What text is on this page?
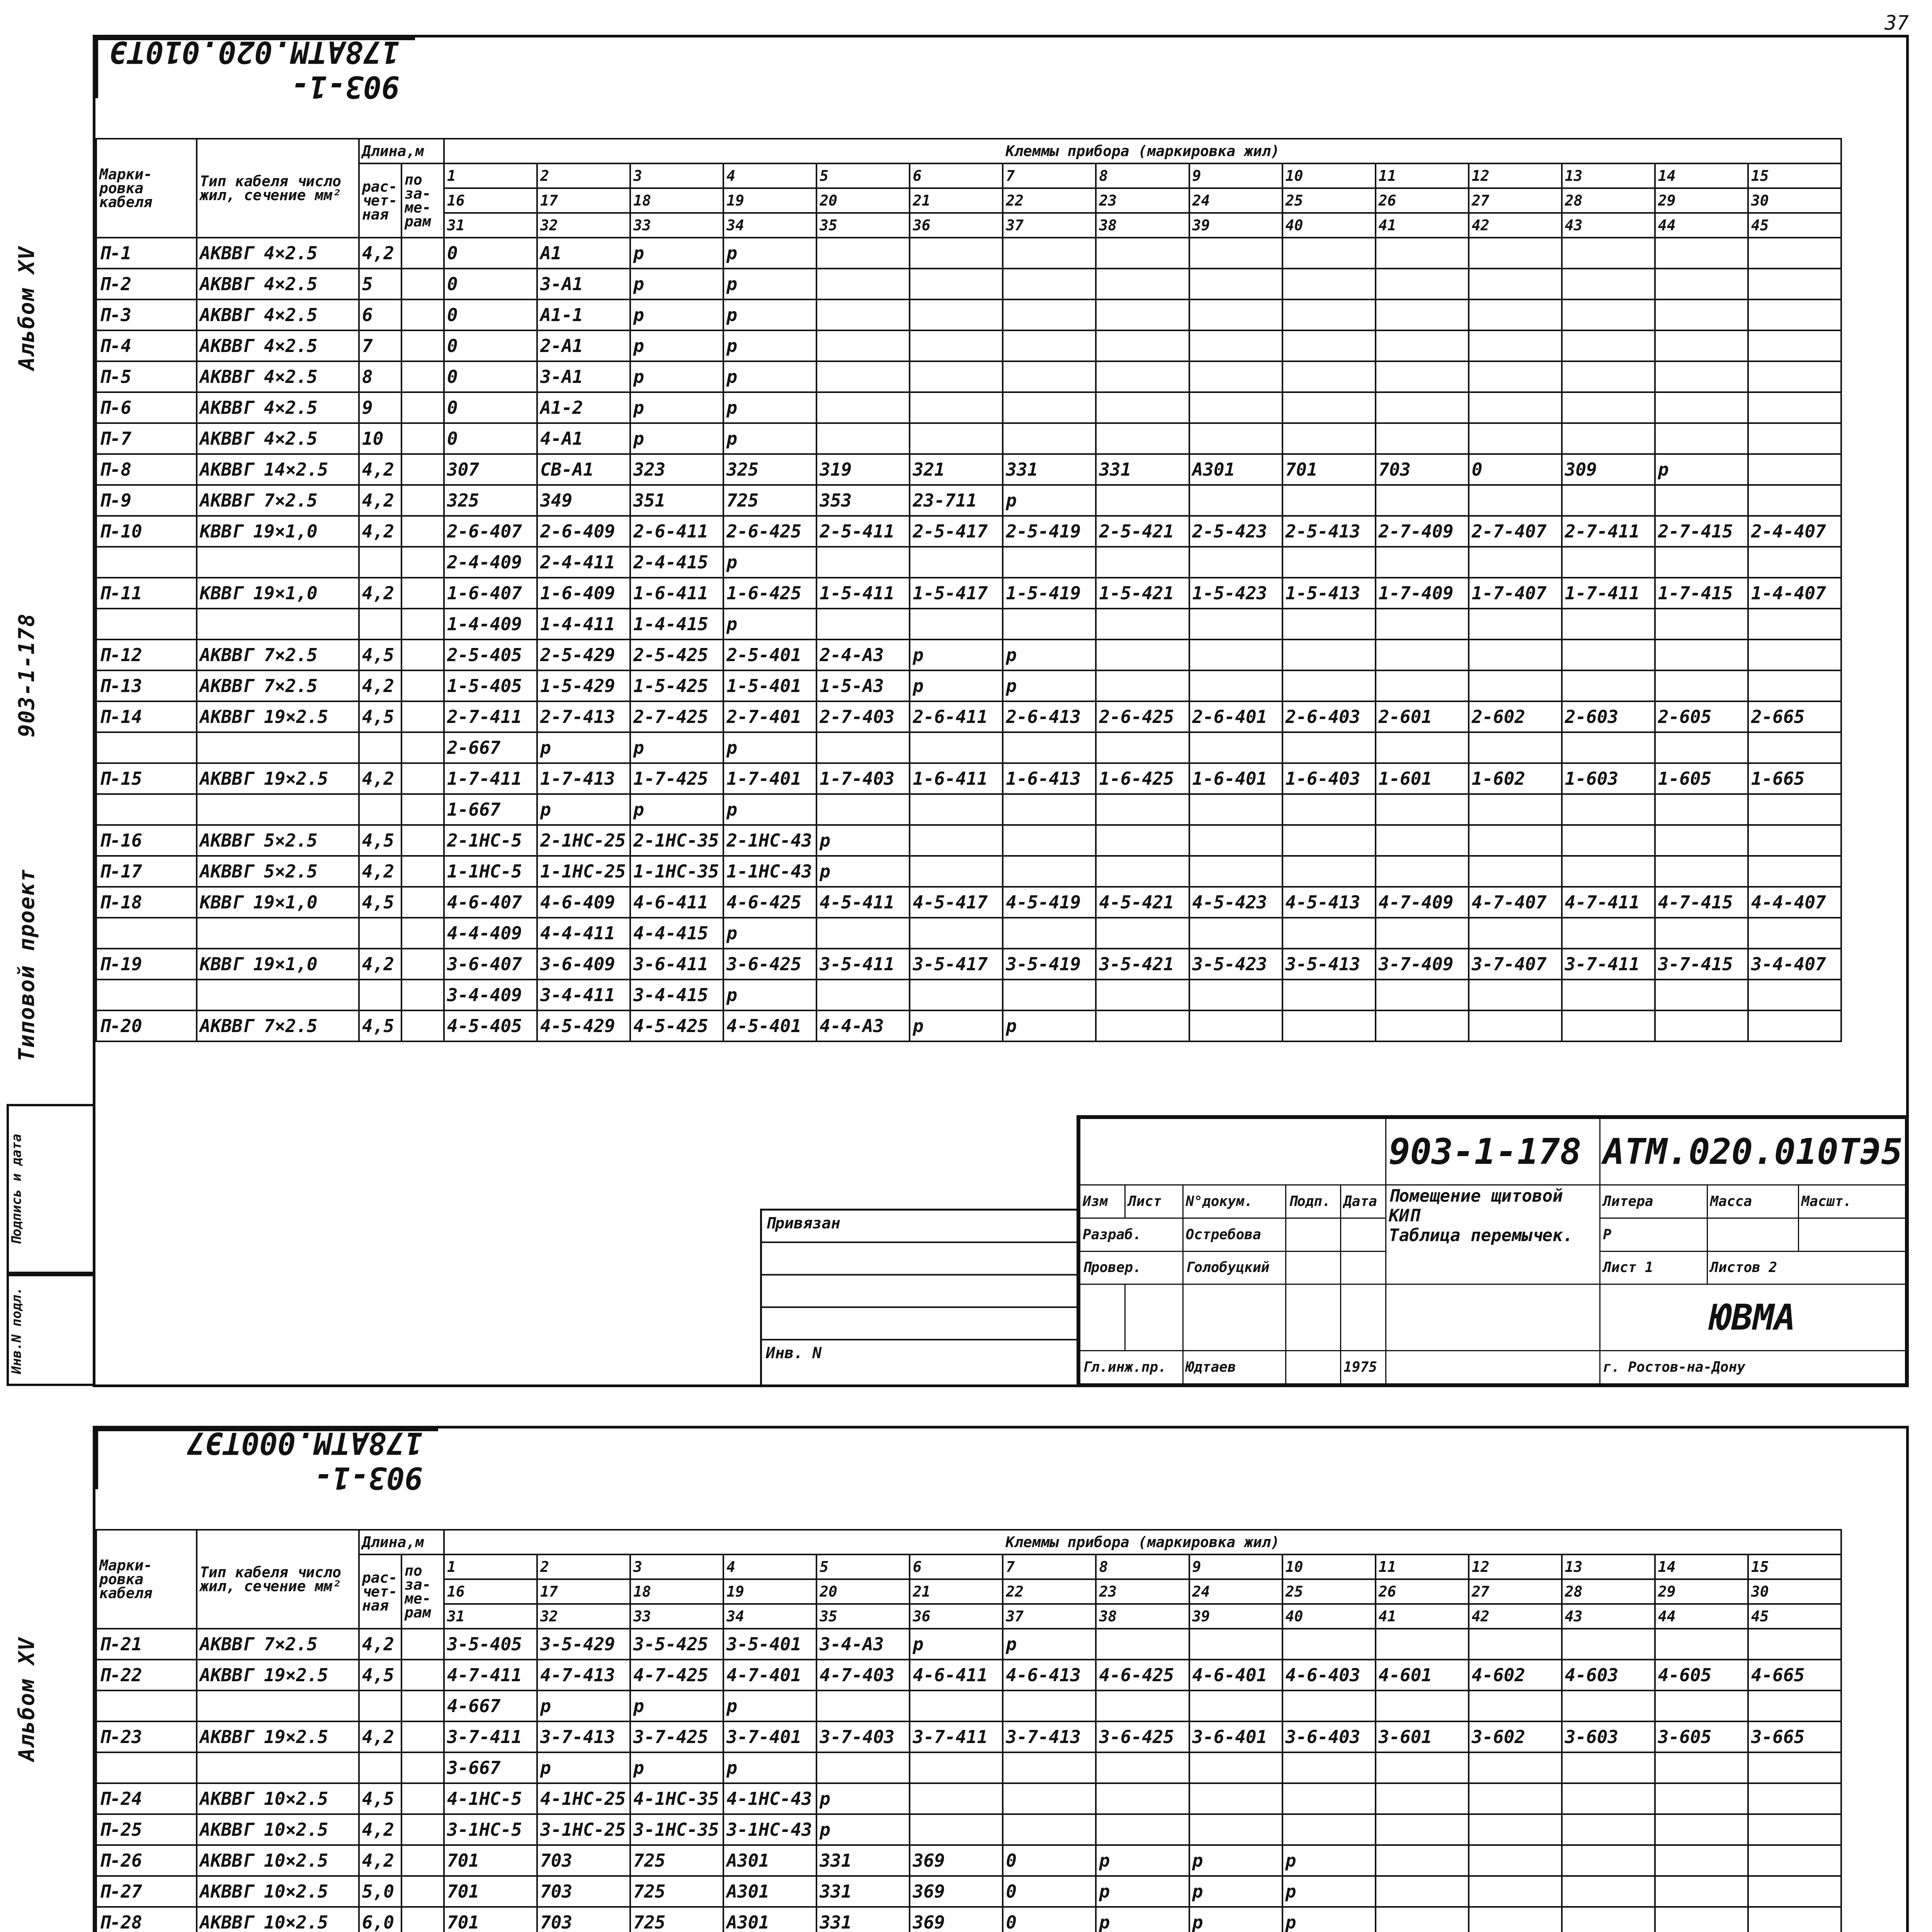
37
903-1-178АТМ.020.010ТЭ
Альбом XV
903-1-178
Типовой проект
Подпись и дата
Инв.N подл.
Марки-ровка кабеля	Тип кабеля число жил, сечение мм²	Длина,м		Клеммы прибора (маркировка жил)														
		рас-чет-ная	по за-ме-рам	1	2	3	4	5	6	7	8	9	10	11	12	13	14	15
				16	17	18	19	20	21	22	23	24	25	26	27	28	29	30
				31	32	33	34	35	36	37	38	39	40	41	42	43	44	45
П-1	АКВВГ 4×2.5	4,2		0	А1	р	р											
П-2	АКВВГ 4×2.5	5		0	3-А1	р	р											
П-3	АКВВГ 4×2.5	6		0	А1-1	р	р											
П-4	АКВВГ 4×2.5	7		0	2-А1	р	р											
П-5	АКВВГ 4×2.5	8		0	3-А1	р	р											
П-6	АКВВГ 4×2.5	9		0	А1-2	р	р											
П-7	АКВВГ 4×2.5	10		0	4-А1	р	р											
П-8	АКВВГ 14×2.5	4,2		307	СВ-А1	323	325	319	321	331	331	А301	701	703	0	309	р	
П-9	АКВВГ 7×2.5	4,2		325	349	351	725	353	23-711	р								
П-10	КВВГ 19×1,0	4,2		2-6-407	2-6-409	2-6-411	2-6-425	2-5-411	2-5-417	2-5-419	2-5-421	2-5-423	2-5-413	2-7-409	2-7-407	2-7-411	2-7-415	2-4-407
				2-4-409	2-4-411	2-4-415	р											
П-11	КВВГ 19×1,0	4,2		1-6-407	1-6-409	1-6-411	1-6-425	1-5-411	1-5-417	1-5-419	1-5-421	1-5-423	1-5-413	1-7-409	1-7-407	1-7-411	1-7-415	1-4-407
				1-4-409	1-4-411	1-4-415	р											
П-12	АКВВГ 7×2.5	4,5		2-5-405	2-5-429	2-5-425	2-5-401	2-4-А3	р	р								
П-13	АКВВГ 7×2.5	4,2		1-5-405	1-5-429	1-5-425	1-5-401	1-5-А3	р	р								
П-14	АКВВГ 19×2.5	4,5		2-7-411	2-7-413	2-7-425	2-7-401	2-7-403	2-6-411	2-6-413	2-6-425	2-6-401	2-6-403	2-601	2-602	2-603	2-605	2-665
				2-667	р	р	р											
П-15	АКВВГ 19×2.5	4,2		1-7-411	1-7-413	1-7-425	1-7-401	1-7-403	1-6-411	1-6-413	1-6-425	1-6-401	1-6-403	1-601	1-602	1-603	1-605	1-665
				1-667	р	р	р											
П-16	АКВВГ 5×2.5	4,5		2-1НС-5	2-1НС-25	2-1НС-35	2-1НС-43	р										
П-17	АКВВГ 5×2.5	4,2		1-1НС-5	1-1НС-25	1-1НС-35	1-1НС-43	р										
П-18	КВВГ 19×1,0	4,5		4-6-407	4-6-409	4-6-411	4-6-425	4-5-411	4-5-417	4-5-419	4-5-421	4-5-423	4-5-413	4-7-409	4-7-407	4-7-411	4-7-415	4-4-407
				4-4-409	4-4-411	4-4-415	р											
П-19	КВВГ 19×1,0	4,2		3-6-407	3-6-409	3-6-411	3-6-425	3-5-411	3-5-417	3-5-419	3-5-421	3-5-423	3-5-413	3-7-409	3-7-407	3-7-411	3-7-415	3-4-407
				3-4-409	3-4-411	3-4-415	р											
П-20	АКВВГ 7×2.5	4,5		4-5-405	4-5-429	4-5-425	4-5-401	4-4-А3	р	р								
					903-1-178	АТМ.020.010ТЭ5		
Изм	Лист	N°докум.	Подп.	Дата	Помещение щитовой КИП
Таблица перемычек.	Литера	Масса	Масшт.
Разраб.		Остребова				Р		
Провер.		Голобуцкий				Лист 1	Листов 2	
						ЮВМА		
Гл.инж.пр.		Юдтаев		1975		г. Ростов-на-Дону		
Привязан
Инв. N
903-1-178АТМ.000ТЭ7
Альбом XV
Марки-ровка кабеля	Тип кабеля число жил, сечение мм²	Длина,м		Клеммы прибора (маркировка жил)														
		рас-чет-ная	по за-ме-рам	1	2	3	4	5	6	7	8	9	10	11	12	13	14	15
				16	17	18	19	20	21	22	23	24	25	26	27	28	29	30
				31	32	33	34	35	36	37	38	39	40	41	42	43	44	45
П-21	АКВВГ 7×2.5	4,2		3-5-405	3-5-429	3-5-425	3-5-401	3-4-А3	р	р								
П-22	АКВВГ 19×2.5	4,5		4-7-411	4-7-413	4-7-425	4-7-401	4-7-403	4-6-411	4-6-413	4-6-425	4-6-401	4-6-403	4-601	4-602	4-603	4-605	4-665
				4-667	р	р	р											
П-23	АКВВГ 19×2.5	4,2		3-7-411	3-7-413	3-7-425	3-7-401	3-7-403	3-7-411	3-7-413	3-6-425	3-6-401	3-6-403	3-601	3-602	3-603	3-605	3-665
				3-667	р	р	р											
П-24	АКВВГ 10×2.5	4,5		4-1НС-5	4-1НС-25	4-1НС-35	4-1НС-43	р										
П-25	АКВВГ 10×2.5	4,2		3-1НС-5	3-1НС-25	3-1НС-35	3-1НС-43	р										
П-26	АКВВГ 10×2.5	4,2		701	703	725	А301	331	369	0	р	р	р					
П-27	АКВВГ 10×2.5	5,0		701	703	725	А301	331	369	0	р	р	р					
П-28	АКВВГ 10×2.5	6,0		701	703	725	А301	331	369	0	р	р	р					
